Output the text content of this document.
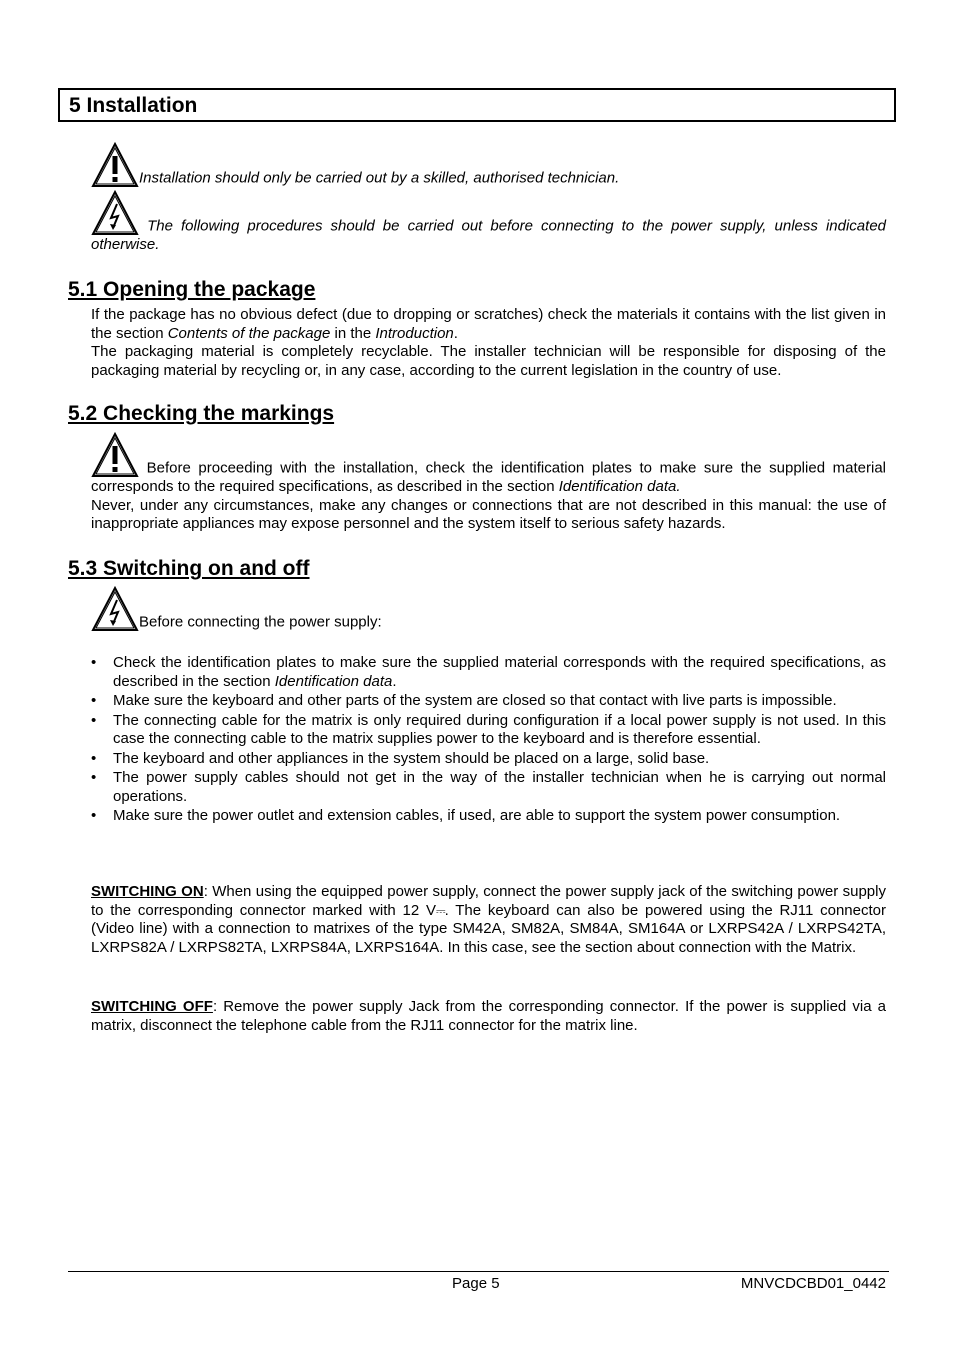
5 Installation

Installation should only be carried out by a skilled, authorised technician.

The following procedures should be carried out before connecting to the power supply, unless indicated otherwise.

5.1 Opening the package
If the package has no obvious defect (due to dropping or scratches) check the materials it contains with the list given in the section Contents of the package in the Introduction.
The packaging material is completely recyclable. The installer technician will be responsible for disposing of the packaging material by recycling or, in any case, according to the current legislation in the country of use.
5.2 Checking the markings
Before proceeding with the installation, check the identification plates to make sure the supplied material corresponds to the required specifications, as described in the section Identification data.
Never, under any circumstances, make any changes or connections that are not described in this manual: the use of inappropriate appliances may expose personnel and the system itself to serious safety hazards.
5.3 Switching on and off

Before connecting the power supply:

• Check the identification plates to make sure the supplied material corresponds with the required specifications, as described in the section Identification data.
• Make sure the keyboard and other parts of the system are closed so that contact with live parts is impossible.
• The connecting cable for the matrix is only required during configuration if a local power supply is not used. In this case the connecting cable to the matrix supplies power to the keyboard and is therefore essential.
• The keyboard and other appliances in the system should be placed on a large, solid base.
• The power supply cables should not get in the way of the installer technician when he is carrying out normal operations.
• Make sure the power outlet and extension cables, if used, are able to support the system power consumption.

SWITCHING ON: When using the equipped power supply, connect the power supply jack of the switching power supply to the corresponding connector marked with 12 V⎓. The keyboard can also be powered using the RJ11 connector (Video line) with a connection to matrixes of the type SM42A, SM82A, SM84A, SM164A or LXRPS42A / LXRPS42TA, LXRPS82A / LXRPS82TA, LXRPS84A, LXRPS164A. In this case, see the section about connection with the Matrix.

SWITCHING OFF: Remove the power supply Jack from the corresponding connector. If the power is supplied via a matrix, disconnect the telephone cable from the RJ11 connector for the matrix line.

Page 5	MNVCDCBD01_0442
